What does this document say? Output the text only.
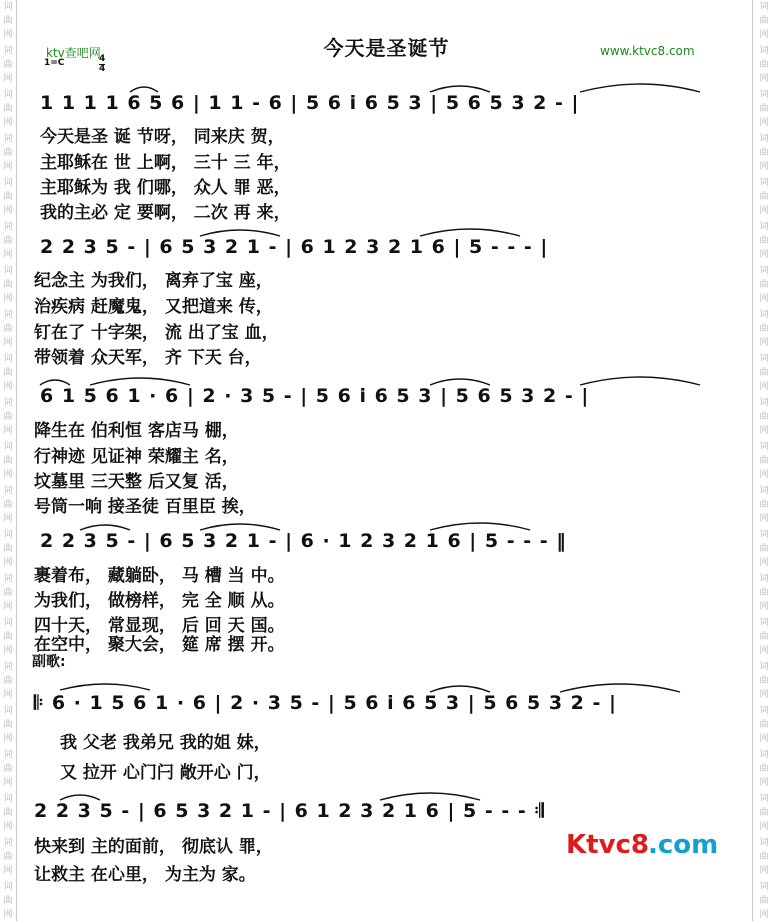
词
曲
网
词
曲
网
词
曲
网
词
曲
网
词
曲
网
词
曲
网
词
曲
网
词
曲
网
词
曲
网
词
曲
网
词
曲
网
词
曲
网
词
曲
网
词
曲
网
词
曲
网
词
曲
网
词
曲
网
词
曲
网
词
曲
网
词
曲
网
词
曲
网
词
曲
网
词
曲
网
词
曲
网
词
曲
网
词
曲
网
词
曲
网
词
曲
网
词
曲
网
词
曲
网
词
曲
网
词
曲
网
词
曲
网
词
曲
网
词
曲
网
词
曲
网
词
曲
网
词
曲
网
词
曲
网
词
曲
网
词
曲
网
词
曲
网
今天是圣诞节
ktv查吧网	www.ktvc8.com
1=C	4
4
1 1 1 1 6 5 6 | 1 1 - 6 | 5 6 i 6 5 3 | 5 6 5 3 2 - |
今天是圣 诞 节呀， 同来庆 贺，
主耶稣在 世 上啊， 三十 三 年，
主耶稣为 我 们哪， 众人 罪 恶，
我的主必 定 要啊， 二次 再 来，
2 2 3 5 - | 6 5 3 2 1 - | 6 1 2 3 2 1 6 | 5 - - - |
纪念主 为我们， 离弃了宝 座，
治疾病 赶魔鬼， 又把道来 传，
钉在了 十字架， 流 出了宝 血，
带领着 众天军， 齐 下天 台，
6 1 5 6 1 · 6 | 2 · 3 5 - | 5 6 i 6 5 3 | 5 6 5 3 2 - |
降生在 伯利恒 客店马 棚，
行神迹 见证神 荣耀主 名，
坟墓里 三天整 后又复 活，
号筒一响 接圣徒 百里臣 挨，
2 2 3 5 - | 6 5 3 2 1 - | 6 · 1 2 3 2 1 6 | 5 - - - ‖
裹着布， 藏躺卧， 马 槽 当 中。
为我们， 做榜样， 完 全 顺 从。
四十天， 常显现， 后 回 天 国。
在空中， 聚大会， 筵 席 摆 开。
副歌:
𝄆 6 · 1 5 6 1 · 6 | 2 · 3 5 - | 5 6 i 6 5 3 | 5 6 5 3 2 - |
我 父老 我弟兄 我的姐 妹，
又 拉开 心门闩 敞开心 门，
2 2 3 5 - | 6 5 3 2 1 - | 6 1 2 3 2 1 6 | 5 - - - 𝄇
快来到 主的面前， 彻底认 罪，
让救主 在心里， 为主为 家。
Ktvc8
.com
